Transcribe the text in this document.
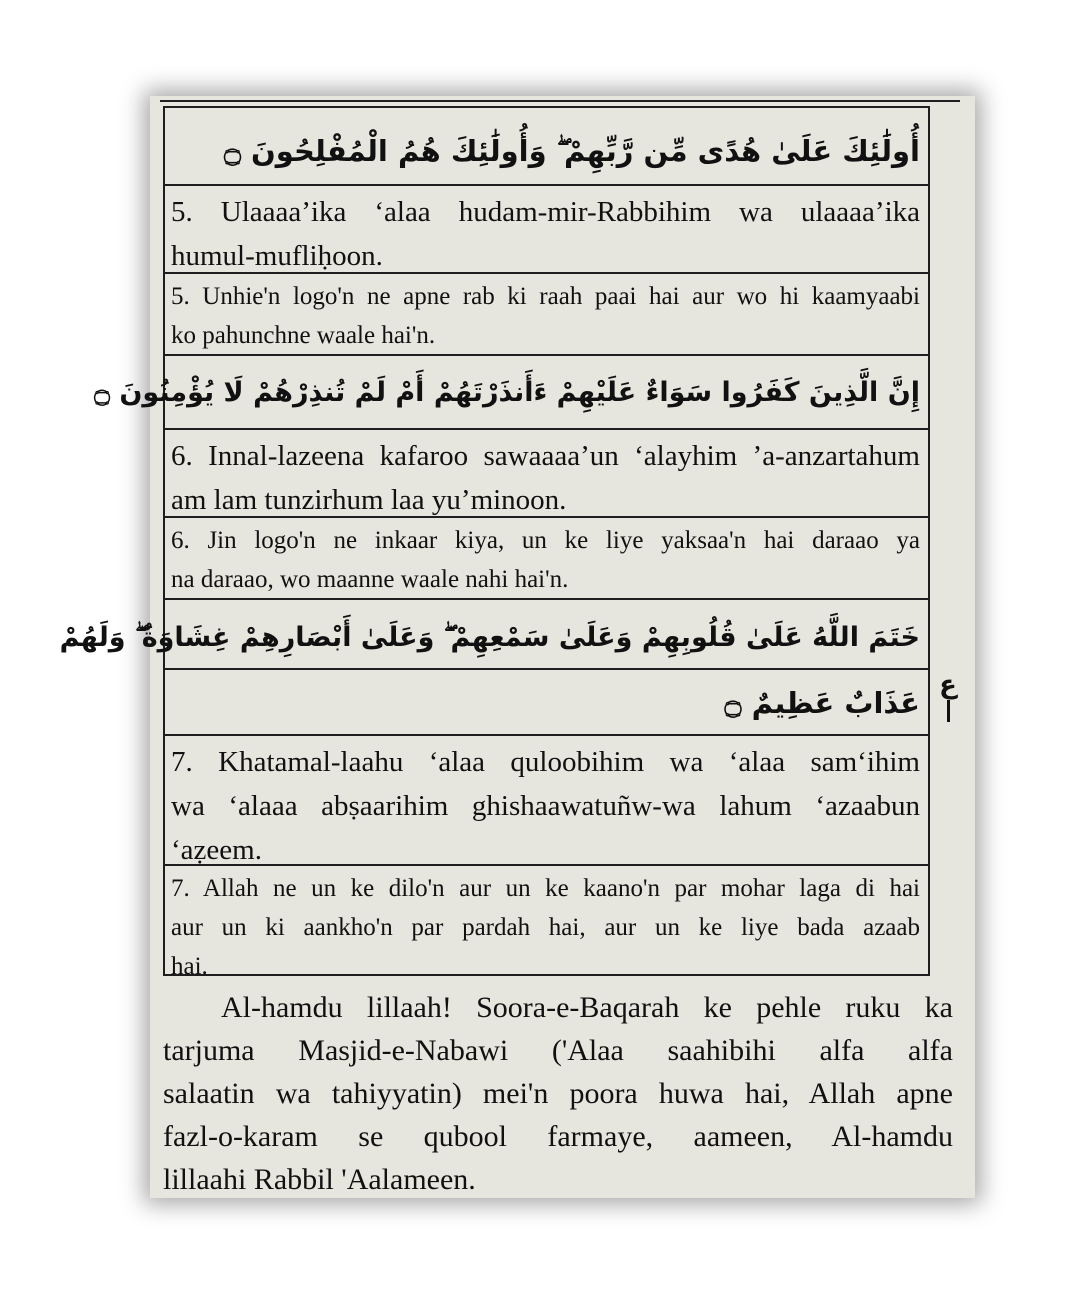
أُولَٰئِكَ عَلَىٰ هُدًى مِّن رَّبِّهِمْ ۖ وَأُولَٰئِكَ هُمُ الْمُفْلِحُونَ ۝
5. Ulaaaa’ika ‘alaa hudam-mir-Rabbihim wa ulaaaa’ika
humul-mufliḥoon.
5. Unhie'n logo'n ne apne rab ki raah paai hai aur wo hi kaamyaabi
ko pahunchne waale hai'n.
إِنَّ الَّذِينَ كَفَرُوا سَوَاءٌ عَلَيْهِمْ ءَأَنذَرْتَهُمْ أَمْ لَمْ تُنذِرْهُمْ لَا يُؤْمِنُونَ ۝
6. Innal-lazeena kafaroo sawaaaa’un ‘alayhim ’a-anzartahum
am lam tunzirhum laa yu’minoon.
6. Jin logo'n ne inkaar kiya, un ke liye yaksaa'n hai daraao ya
na daraao, wo maanne waale nahi hai'n.
خَتَمَ اللَّهُ عَلَىٰ قُلُوبِهِمْ وَعَلَىٰ سَمْعِهِمْ ۖ وَعَلَىٰ أَبْصَارِهِمْ غِشَاوَةٌ ۖ وَلَهُمْ
عَذَابٌ عَظِيمٌ ۝
7. Khatamal-laahu ‘alaa quloobihim wa ‘alaa sam‘ihim
wa ‘alaaa abṣaarihim ghishaawatuñw-wa lahum ‘azaabun
‘aẓeem.
7. Allah ne un ke dilo'n aur un ke kaano'n par mohar laga di hai
aur un ki aankho'n par pardah hai, aur un ke liye bada azaab
hai.
ع
Al-hamdu lillaah! Soora-e-Baqarah ke pehle ruku ka
tarjuma Masjid-e-Nabawi ('Alaa saahibihi alfa alfa
salaatin wa tahiyyatin) mei'n poora huwa hai, Allah apne
fazl-o-karam se qubool farmaye, aameen, Al-hamdu
lillaahi Rabbil 'Aalameen.
